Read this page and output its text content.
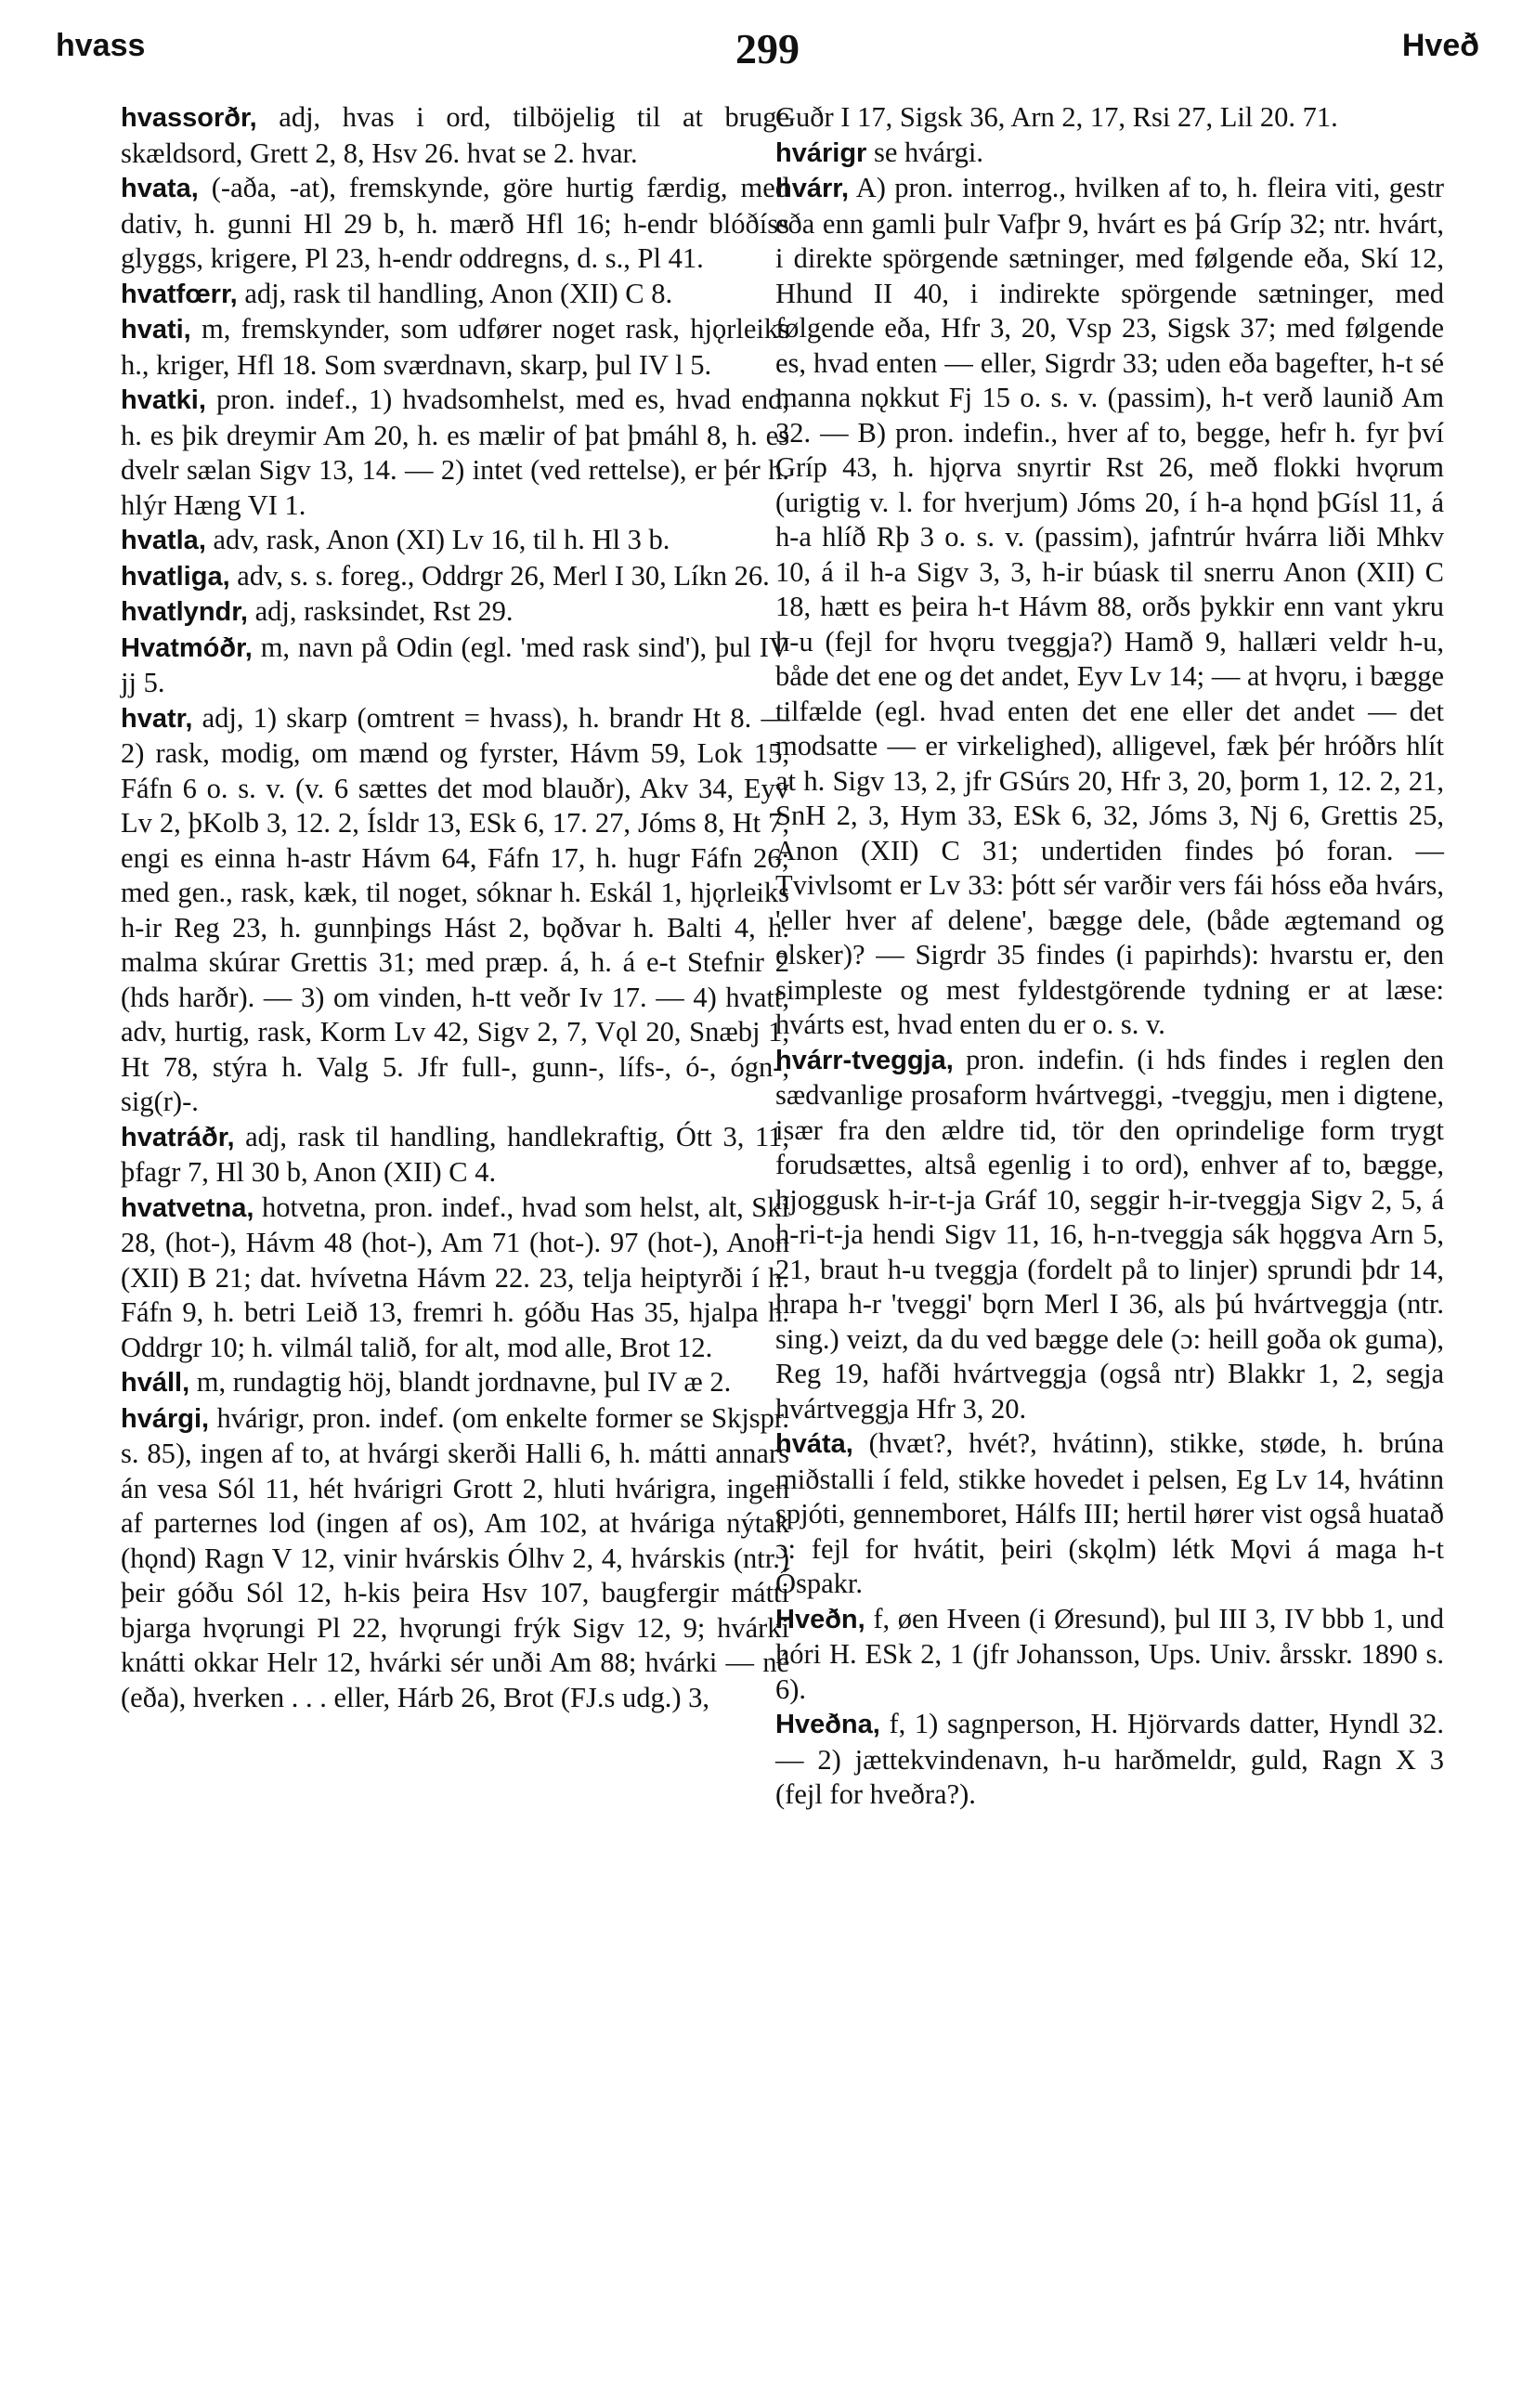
hvass	299	Hveð
hvassorðr, adj, hvas i ord, tilböjelig til at bruge skældsord, Grett 2, 8, Hsv 26. hvat se 2. hvar.
hvata, (-aða, -at), fremskynde, göre hurtig færdig, med dativ, h. gunni Hl 29 b, h. mærð Hfl 16; h-endr blóðíss glyggs, krigere, Pl 23, h-endr oddregns, d. s., Pl 41.
hvatfœrr, adj, rask til handling, Anon (XII) C 8.
hvati, m, fremskynder, som udfører noget rask, hjǫrleiks h., kriger, Hfl 18. Som sværdnavn, skarp, þul IV l 5.
hvatki, pron. indef., 1) hvadsomhelst, med es, hvad end, h. es þik dreymir Am 20, h. es mælir of þat þmáhl 8, h. es dvelr sælan Sigv 13, 14. — 2) intet (ved rettelse), er þér h. hlýr Hæng VI 1.
hvatla, adv, rask, Anon (XI) Lv 16, til h. Hl 3 b.
hvatliga, adv, s. s. foreg., Oddrgr 26, Merl I 30, Líkn 26.
hvatlyndr, adj, rasksindet, Rst 29.
Hvatmóðr, m, navn på Odin (egl. 'med rask sind'), þul IV jj 5.
hvatr, adj, 1) skarp (omtrent = hvass), h. brandr Ht 8. — 2) rask, modig, om mænd og fyrster, Hávm 59, Lok 15, Fáfn 6 o. s. v. (v. 6 sættes det mod blauðr), Akv 34, Eyv Lv 2, þKolb 3, 12. 2, Ísldr 13, ESk 6, 17. 27, Jóms 8, Ht 7, engi es einna h-astr Hávm 64, Fáfn 17, h. hugr Fáfn 26; med gen., rask, kæk, til noget, sóknar h. Eskál 1, hjǫrleiks h-ir Reg 23, h. gunnþings Hást 2, bǫðvar h. Balti 4, h. malma skúrar Grettis 31; med præp. á, h. á e-t Stefnir 2 (hds harðr). — 3) om vinden, h-tt veðr Iv 17. — 4) hvatt, adv, hurtig, rask, Korm Lv 42, Sigv 2, 7, Vǫl 20, Snæbj 1, Ht 78, stýra h. Valg 5. Jfr full-, gunn-, lífs-, ó-, ógn-, sig(r)-.
hvatráðr, adj, rask til handling, handlekraftig, Ótt 3, 11, þfagr 7, Hl 30 b, Anon (XII) C 4.
hvatvetna, hotvetna, pron. indef., hvad som helst, alt, Skí 28, (hot-), Hávm 48 (hot-), Am 71 (hot-). 97 (hot-), Anon (XII) B 21; dat. hvívetna Hávm 22. 23, telja heiptyrði í h. Fáfn 9, h. betri Leið 13, fremri h. góðu Has 35, hjalpa h. Oddrgr 10; h. vilmál talið, for alt, mod alle, Brot 12.
hváll, m, rundagtig höj, blandt jordnavne, þul IV æ 2.
hvárgi, hvárigr, pron. indef. (om enkelte former se Skjspr. s. 85), ingen af to, at hvárgi skerði Halli 6, h. mátti annars án vesa Sól 11, hét hvárigri Grott 2, hluti hvárigra, ingen af parternes lod (ingen af os), Am 102, at hváriga nýtak (hǫnd) Ragn V 12, vinir hvárskis Ólhv 2, 4, hvárskis (ntr.) þeir góðu Sól 12, h-kis þeira Hsv 107, baugfergir mátti bjarga hvǫrungi Pl 22, hvǫrungi frýk Sigv 12, 9; hvárki knátti okkar Helr 12, hvárki sér unði Am 88; hvárki — né (eða), hverken . . . eller, Hárb 26, Brot (FJ.s udg.) 3,
Guðr I 17, Sigsk 36, Arn 2, 17, Rsi 27, Lil 20. 71.
hvárigr se hvárgi.
hvárr, A) pron. interrog., hvilken af to, h. fleira viti, gestr eða enn gamli þulr Vafþr 9, hvárt es þá Gríp 32; ntr. hvárt, i direkte spörgende sætninger, med følgende eða, Skí 12, Hhund II 40, i indirekte spörgende sætninger, med følgende eða, Hfr 3, 20, Vsp 23, Sigsk 37; med følgende es, hvad enten — eller, Sigrdr 33; uden eða bagefter, h-t sé manna nǫkkut Fj 15 o. s. v. (passim), h-t verð launið Am 32. — B) pron. indefin., hver af to, begge, hefr h. fyr því Gríp 43, h. hjǫrva snyrtir Rst 26, með flokki hvǫrum (urigtig v. l. for hverjum) Jóms 20, í h-a hǫnd þGísl 11, á h-a hlíð Rþ 3 o. s. v. (passim), jafntrúr hvárra liði Mhkv 10, á il h-a Sigv 3, 3, h-ir búask til snerru Anon (XII) C 18, hætt es þeira h-t Hávm 88, orðs þykkir enn vant ykru h-u (fejl for hvǫru tveggja?) Hamð 9, hallæri veldr h-u, både det ene og det andet, Eyv Lv 14; — at hvǫru, i bægge tilfælde (egl. hvad enten det ene eller det andet — det modsatte — er virkelighed), alligevel, fæk þér hróðrs hlít at h. Sigv 13, 2, jfr GSúrs 20, Hfr 3, 20, þorm 1, 12. 2, 21, SnH 2, 3, Hym 33, ESk 6, 32, Jóms 3, Nj 6, Grettis 25, Anon (XII) C 31; undertiden findes þó foran. — Tvivlsomt er Lv 33: þótt sér varðir vers fái hóss eða hvárs, 'eller hver af delene', bægge dele, (både ægtemand og elsker)? — Sigrdr 35 findes (i papirhds): hvarstu er, den simpleste og mest fyldestgörende tydning er at læse: hvárts est, hvad enten du er o. s. v.
hvárr-tveggja, pron. indefin. (i hds findes i reglen den sædvanlige prosaform hvártveggi, -tveggju, men i digtene, især fra den ældre tid, tör den oprindelige form trygt forudsættes, altså egenlig i to ord), enhver af to, bægge, hjoggusk h-ir-t-ja Gráf 10, seggir h-ir-tveggja Sigv 2, 5, á h-ri-t-ja hendi Sigv 11, 16, h-n-tveggja sák hǫggva Arn 5, 21, braut h-u tveggja (fordelt på to linjer) sprundi þdr 14, hrapa h-r 'tveggi' bǫrn Merl I 36, als þú hvártveggja (ntr. sing.) veizt, da du ved bægge dele (ɔ: heill goða ok guma), Reg 19, hafði hvártveggja (også ntr) Blakkr 1, 2, segja hvártveggja Hfr 3, 20.
hváta, (hvæt?, hvét?, hvátinn), stikke, støde, h. brúna miðstalli í feld, stikke hovedet i pelsen, Eg Lv 14, hvátinn spjóti, gennemboret, Hálfs III; hertil hører vist også huatað ɔ: fejl for hvátit, þeiri (skǫlm) létk Mǫvi á maga h-t Óspakr.
Hveðn, f, øen Hveen (i Øresund), þul III 3, IV bbb 1, und hóri H. ESk 2, 1 (jfr Johansson, Ups. Univ. årsskr. 1890 s. 6).
Hveðna, f, 1) sagnperson, H. Hjörvards datter, Hyndl 32. — 2) jættekvindenavn, h-u harðmeldr, guld, Ragn X 3 (fejl for hveðra?).
